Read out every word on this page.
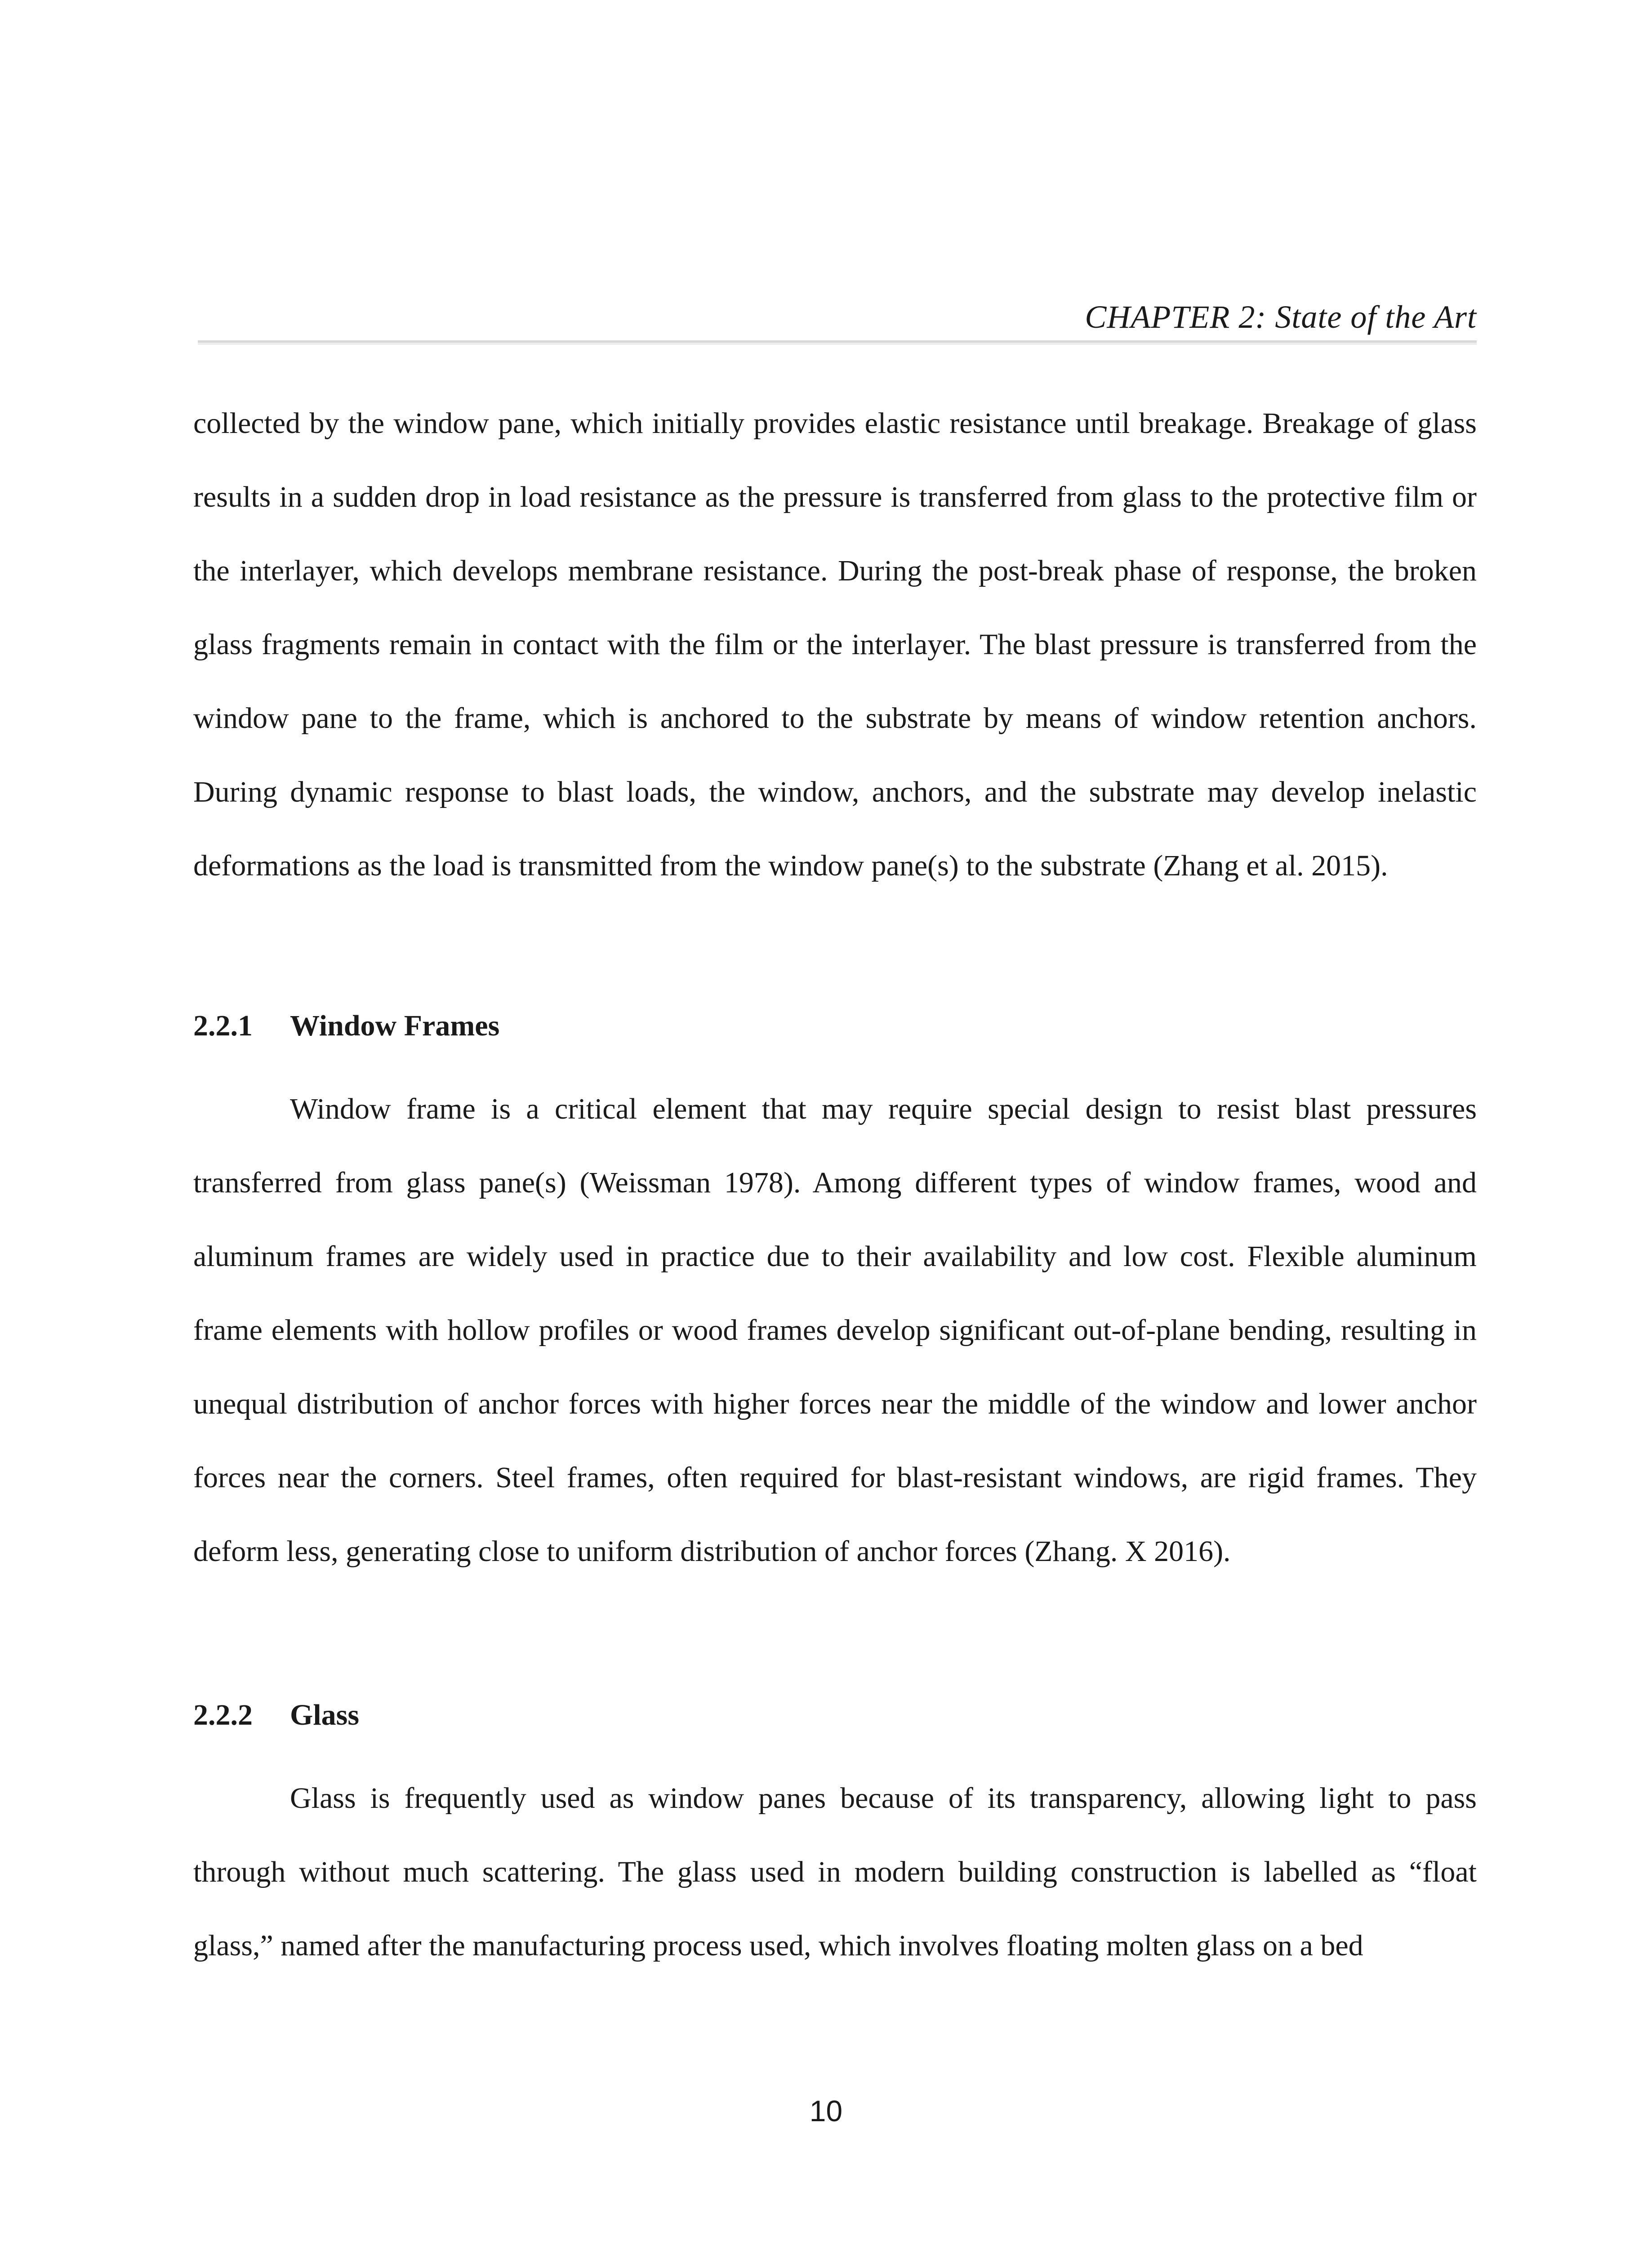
CHAPTER 2: State of the Art

collected by the window pane, which initially provides elastic resistance until breakage. Breakage of glass results in a sudden drop in load resistance as the pressure is transferred from glass to the protective film or the interlayer, which develops membrane resistance. During the post-break phase of response, the broken glass fragments remain in contact with the film or the interlayer. The blast pressure is transferred from the window pane to the frame, which is anchored to the substrate by means of window retention anchors. During dynamic response to blast loads, the window, anchors, and the substrate may develop inelastic deformations as the load is transmitted from the window pane(s) to the substrate (Zhang et al. 2015).

2.2.1	Window Frames

Window frame is a critical element that may require special design to resist blast pressures transferred from glass pane(s) (Weissman 1978). Among different types of window frames, wood and aluminum frames are widely used in practice due to their availability and low cost. Flexible aluminum frame elements with hollow profiles or wood frames develop significant out-of-plane bending, resulting in unequal distribution of anchor forces with higher forces near the middle of the window and lower anchor forces near the corners. Steel frames, often required for blast-resistant windows, are rigid frames. They deform less, generating close to uniform distribution of anchor forces (Zhang. X 2016).

2.2.2	Glass

Glass is frequently used as window panes because of its transparency, allowing light to pass through without much scattering. The glass used in modern building construction is labelled as “float glass,” named after the manufacturing process used, which involves floating molten glass on a bed

10
